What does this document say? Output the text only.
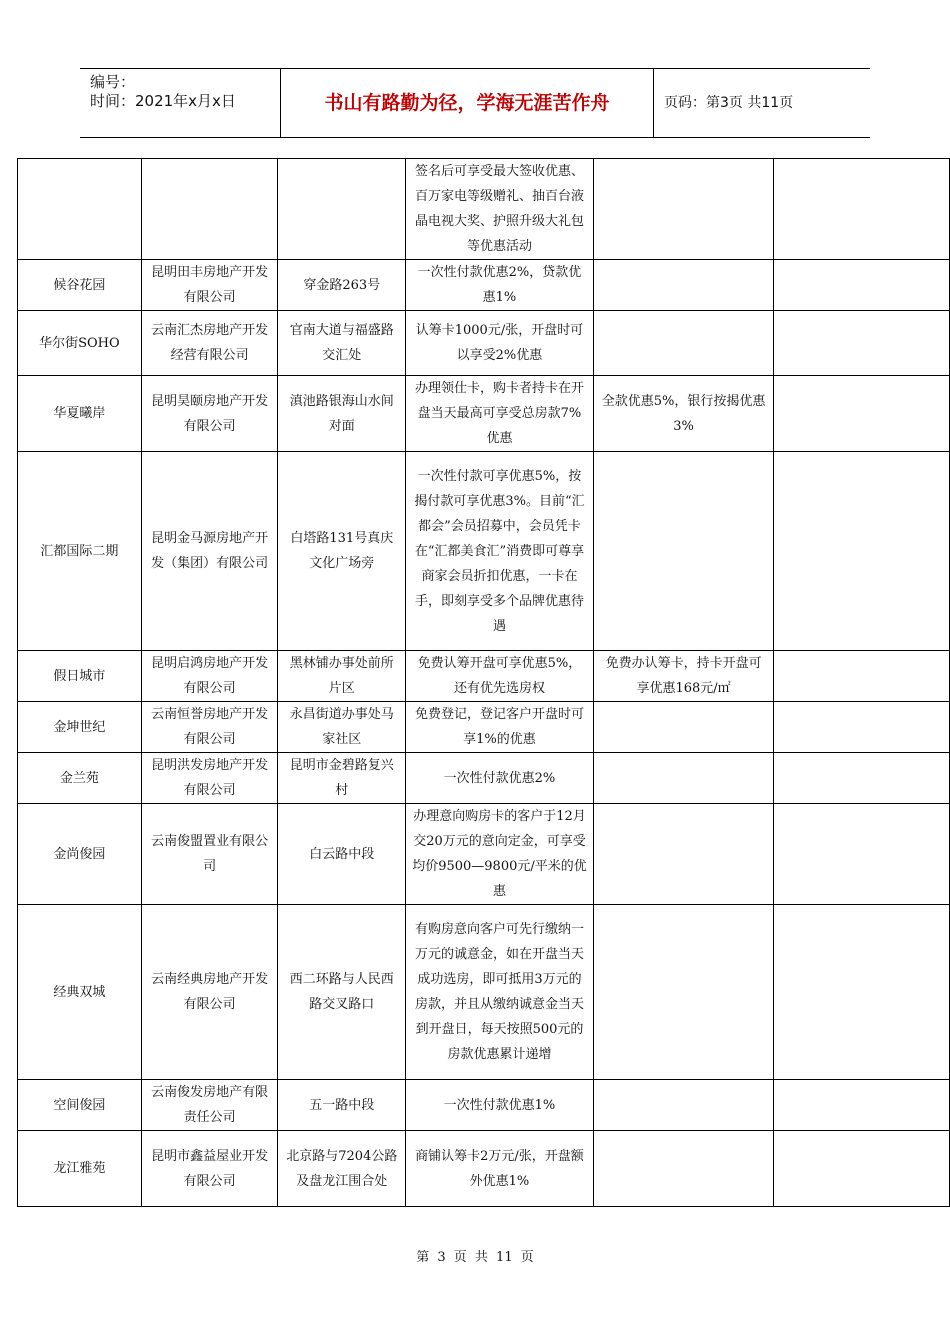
编号：
时间：2021年x月x日	书山有路勤为径，学海无涯苦作舟	页码：第3页 共11页
			签名后可享受最大签收优惠、百万家电等级赠礼、抽百台液晶电视大奖、护照升级大礼包等优惠活动		
候谷花园	昆明田丰房地产开发有限公司	穿金路263号	一次性付款优惠2%，贷款优惠1%		
华尔街SOHO	云南汇杰房地产开发经营有限公司	官南大道与福盛路交汇处	认筹卡1000元/张，开盘时可以享受2%优惠		
华夏曦岸	昆明昊颐房地产开发有限公司	滇池路银海山水间对面	办理领仕卡，购卡者持卡在开盘当天最高可享受总房款7%优惠	全款优惠5%，银行按揭优惠3%	
汇都国际二期	昆明金马源房地产开发（集团）有限公司	白塔路131号真庆文化广场旁	一次性付款可享优惠5%，按揭付款可享优惠3%。目前“汇都会”会员招募中，会员凭卡在“汇都美食汇”消费即可尊享商家会员折扣优惠，一卡在手，即刻享受多个品牌优惠待遇		
假日城市	昆明启鸿房地产开发有限公司	黑林铺办事处前所片区	免费认筹开盘可享优惠5%，还有优先选房权	免费办认筹卡，持卡开盘可享优惠168元/㎡	
金坤世纪	云南恒誉房地产开发有限公司	永昌街道办事处马家社区	免费登记，登记客户开盘时可享1%的优惠		
金兰苑	昆明洪发房地产开发有限公司	昆明市金碧路复兴村	一次性付款优惠2%		
金尚俊园	云南俊盟置业有限公司	白云路中段	办理意向购房卡的客户于12月交20万元的意向定金，可享受均价9500—9800元/平米的优惠		
经典双城	云南经典房地产开发有限公司	西二环路与人民西路交叉路口	有购房意向客户可先行缴纳一万元的诚意金，如在开盘当天成功选房，即可抵用3万元的房款，并且从缴纳诚意金当天到开盘日，每天按照500元的房款优惠累计递增		
空间俊园	云南俊发房地产有限责任公司	五一路中段	一次性付款优惠1%		
龙江雅苑	昆明市鑫益屋业开发有限公司	北京路与7204公路及盘龙江围合处	商铺认筹卡2万元/张，开盘额外优惠1%		
第 3 页 共 11 页
